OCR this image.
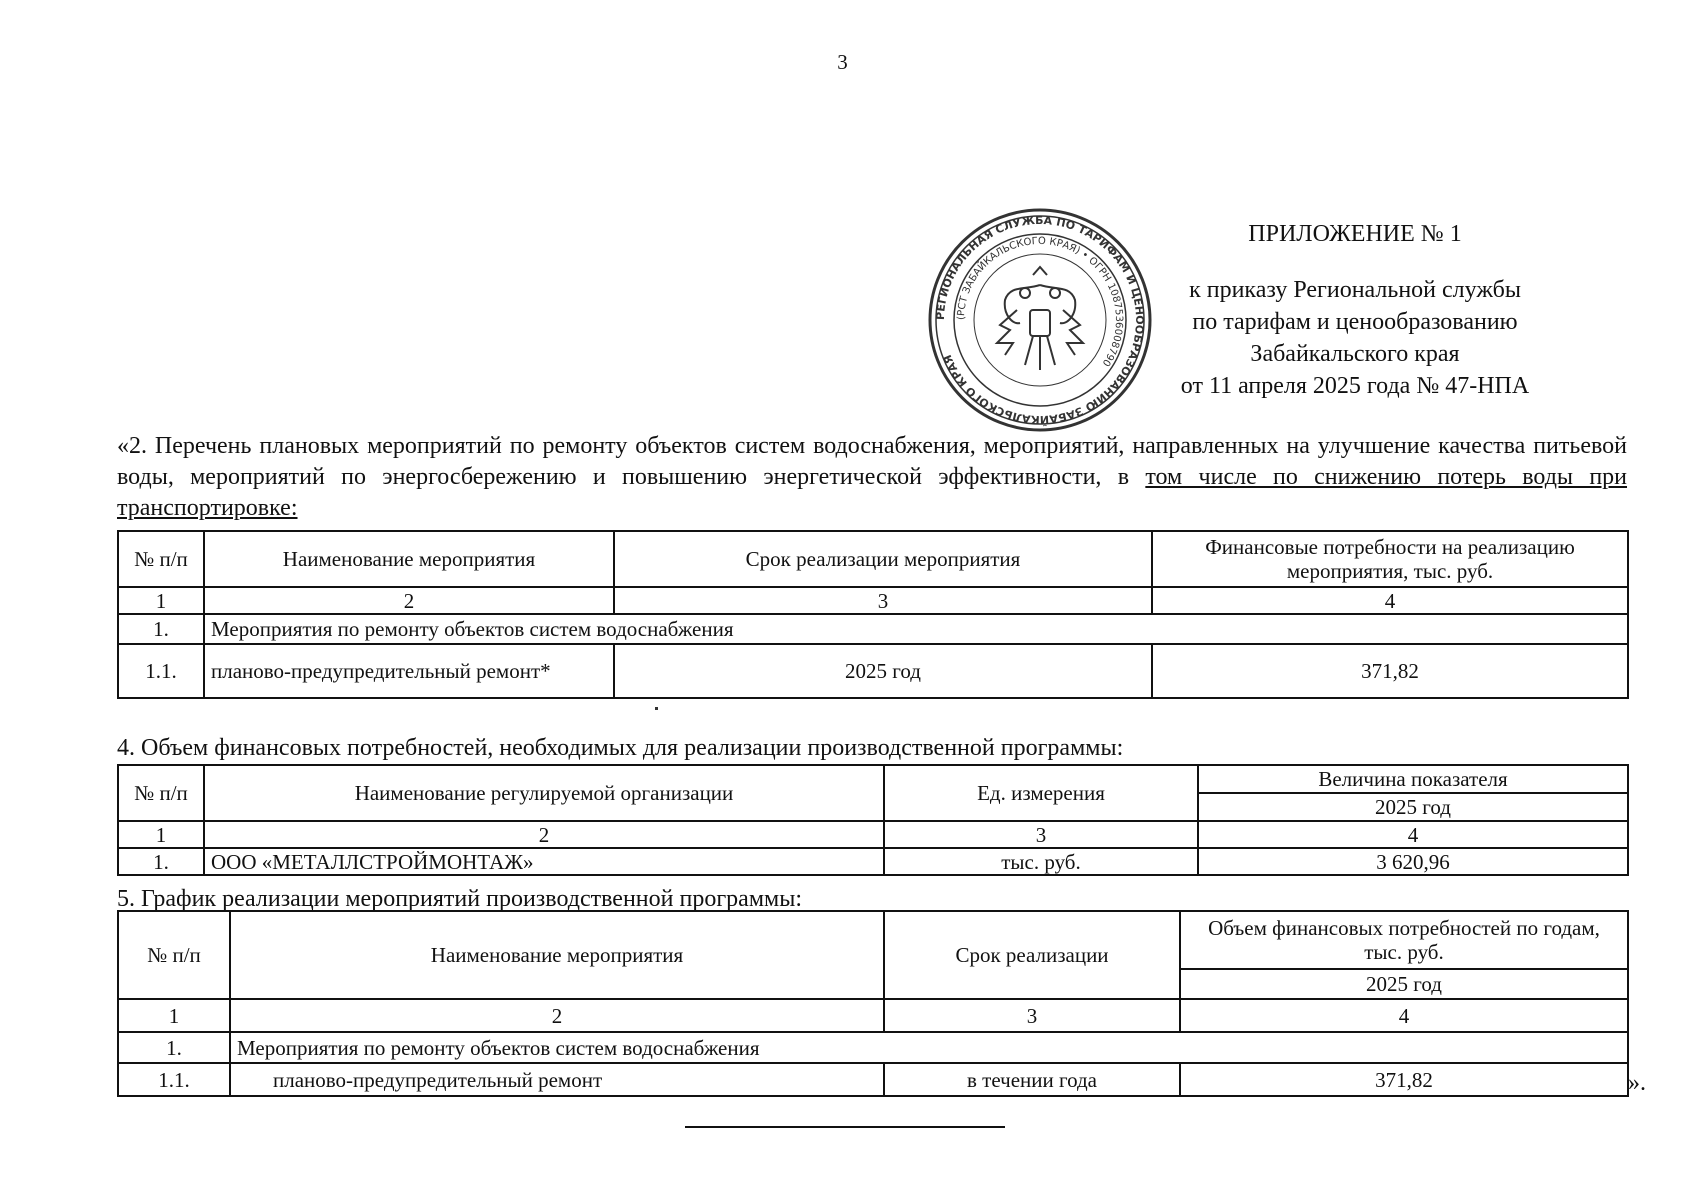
3
РЕГИОНАЛЬНАЯ СЛУЖБА ПО ТАРИФАМ И ЦЕНООБРАЗОВАНИЮ ЗАБАЙКАЛЬСКОГО КРАЯ
(РСТ ЗАБАЙКАЛЬСКОГО КРАЯ) • ОГРН 1087536008790
ПРИЛОЖЕНИЕ № 1
к приказу Региональной службы
по тарифам и ценообразованию
Забайкальского края
от 11 апреля 2025 года № 47-НПА
«2. Перечень плановых мероприятий по ремонту объектов систем водоснабжения, мероприятий, направленных на улучшение качества питьевой воды, мероприятий по энергосбережению и повышению энергетической эффективности, в том числе по снижению потерь воды при транспортировке:
№ п/п	Наименование мероприятия	Срок реализации мероприятия	Финансовые потребности на реализацию мероприятия, тыс. руб.
1	2	3	4
1.	Мероприятия по ремонту объектов систем водоснабжения		
1.1.	планово-предупредительный ремонт*	2025 год	371,82
4. Объем финансовых потребностей, необходимых для реализации производственной программы:
№ п/п	Наименование регулируемой организации	Ед. измерения	Величина показателя
			2025 год
1	2	3	4
1.	ООО «МЕТАЛЛСТРОЙМОНТАЖ»	тыс. руб.	3 620,96
5. График реализации мероприятий производственной программы:
№ п/п	Наименование мероприятия	Срок реализации	Объем финансовых потребностей по годам, тыс. руб.
			2025 год
1	2	3	4
1.	Мероприятия по ремонту объектов систем водоснабжения		
1.1.	планово-предупредительный ремонт	в течении года	371,82	».
